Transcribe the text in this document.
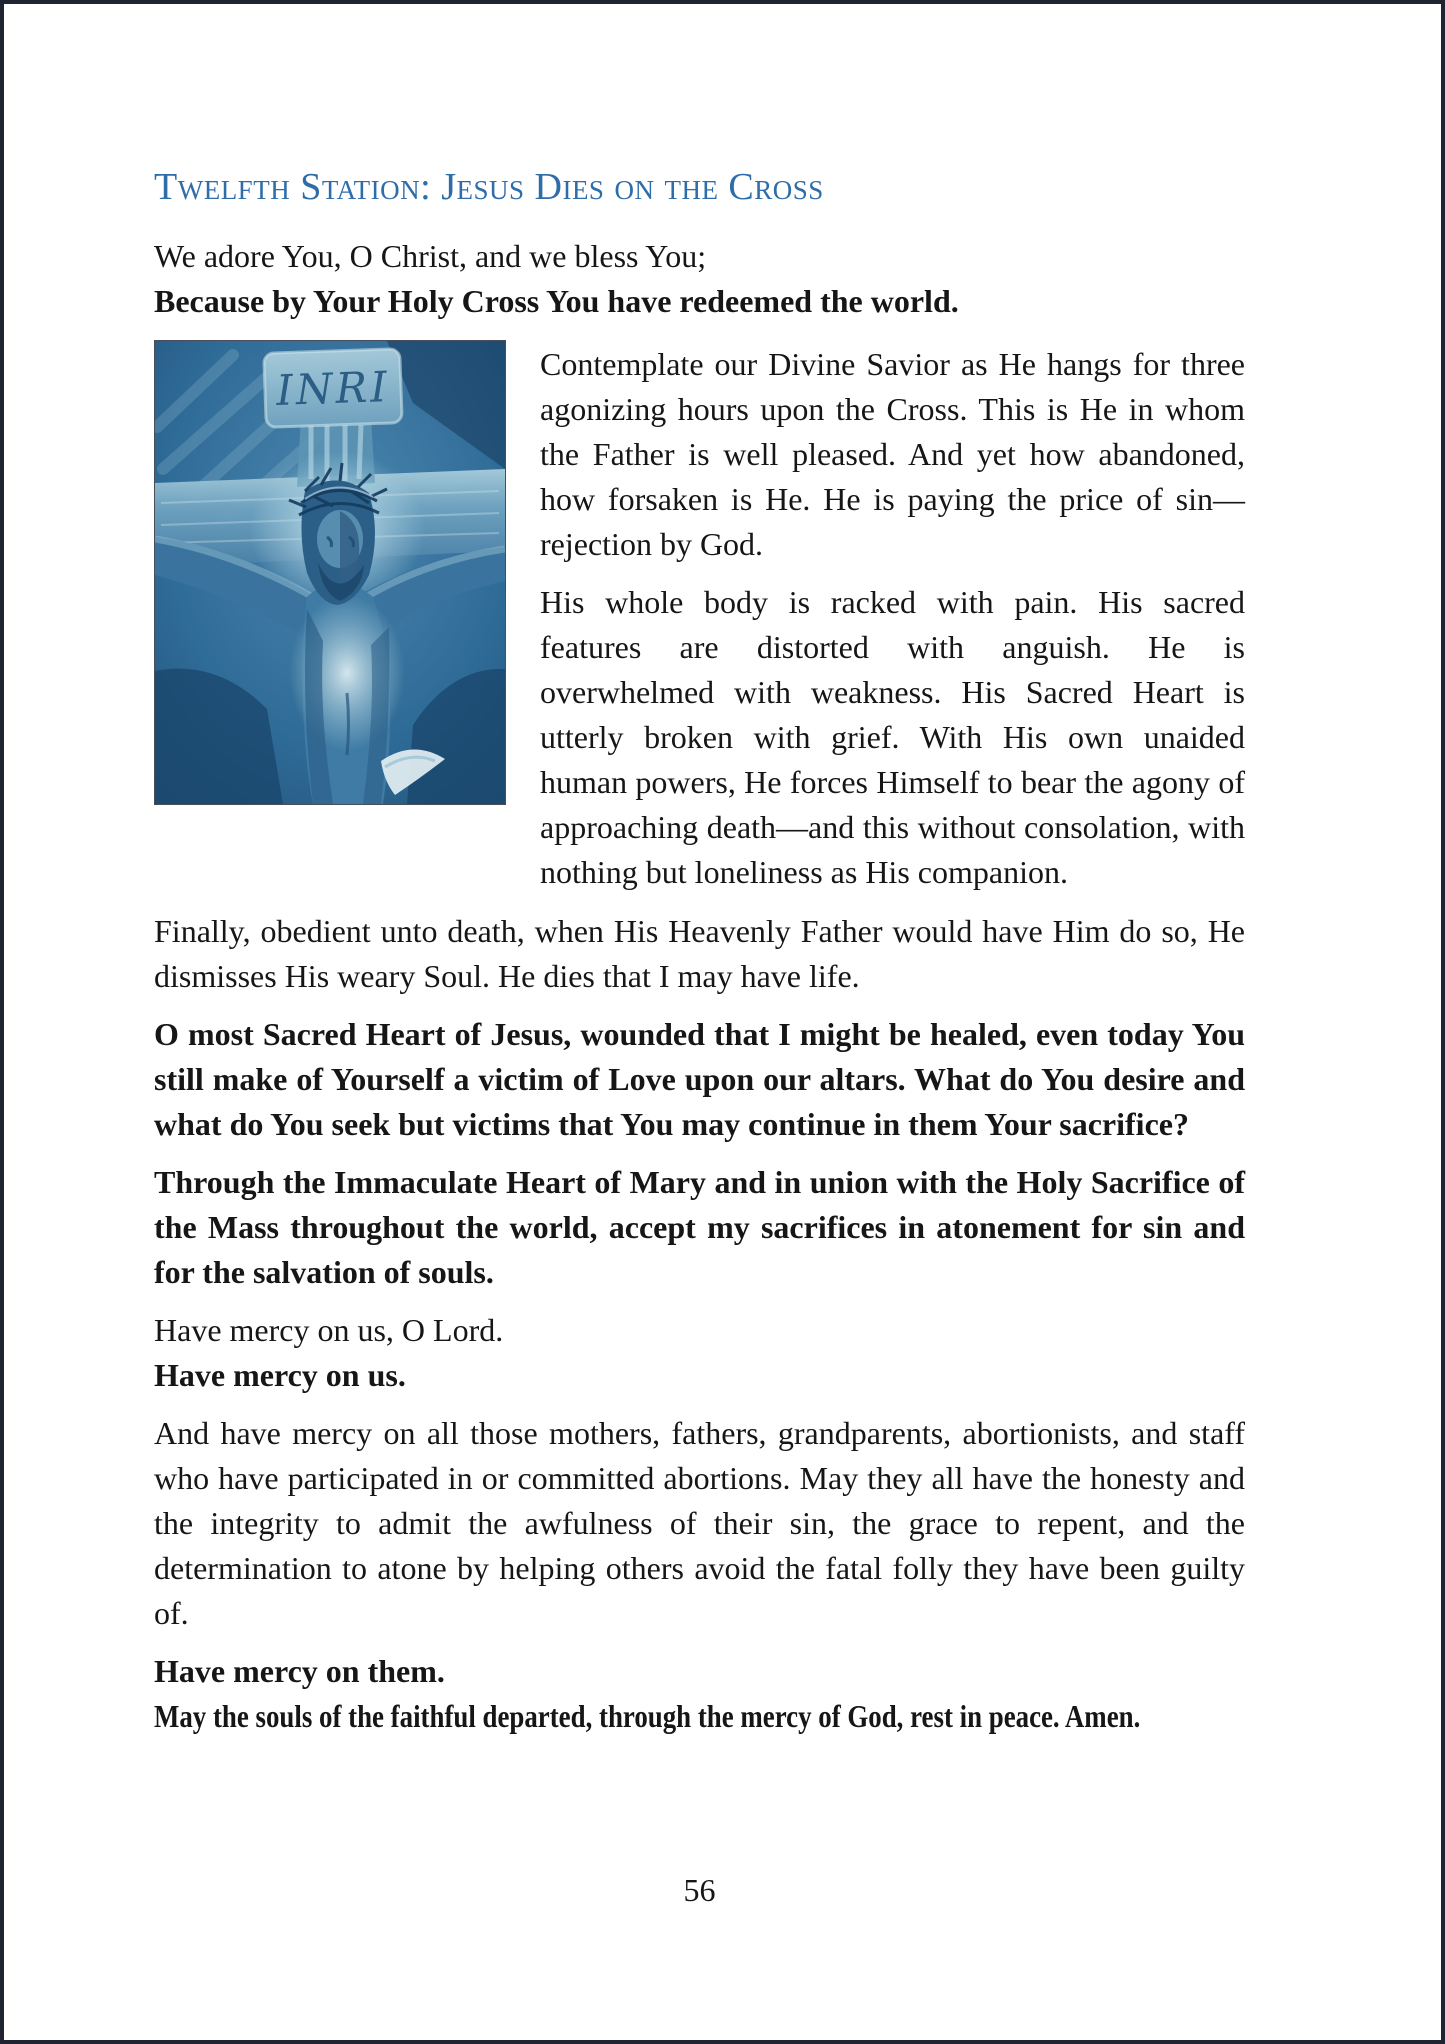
Twelfth Station: Jesus Dies on the Cross
We adore You, O Christ, and we bless You;
Because by Your Holy Cross You have redeemed the world.
INRI	Contemplate our Divine Savior as He hangs for three agonizing hours upon the Cross. This is He in whom the Father is well pleased. And yet how abandoned, how forsaken is He. He is paying the price of sin—rejection by God.

His whole body is racked with pain. His sacred features are distorted with anguish. He is overwhelmed with weakness. His Sacred Heart is utterly broken with grief. With His own unaided human powers, He forces Himself to bear the agony of approaching death—and this without consolation, with nothing but loneliness as His companion.

Finally, obedient unto death, when His Heavenly Father would have Him do so, He dismisses His weary Soul. He dies that I may have life.

O most Sacred Heart of Jesus, wounded that I might be healed, even today You still make of Yourself a victim of Love upon our altars. What do You desire and what do You seek but victims that You may continue in them Your sacrifice?

Through the Immaculate Heart of Mary and in union with the Holy Sacrifice of the Mass throughout the world, accept my sacrifices in atonement for sin and for the salvation of souls.

Have mercy on us, O Lord.
Have mercy on us.

And have mercy on all those mothers, fathers, grandparents, abortionists, and staff who have participated in or committed abortions. May they all have the honesty and the integrity to admit the awfulness of their sin, the grace to repent, and the determination to atone by helping others avoid the fatal folly they have been guilty of.

Have mercy on them.
May the souls of the faithful departed, through the mercy of God, rest in peace. Amen.
56
